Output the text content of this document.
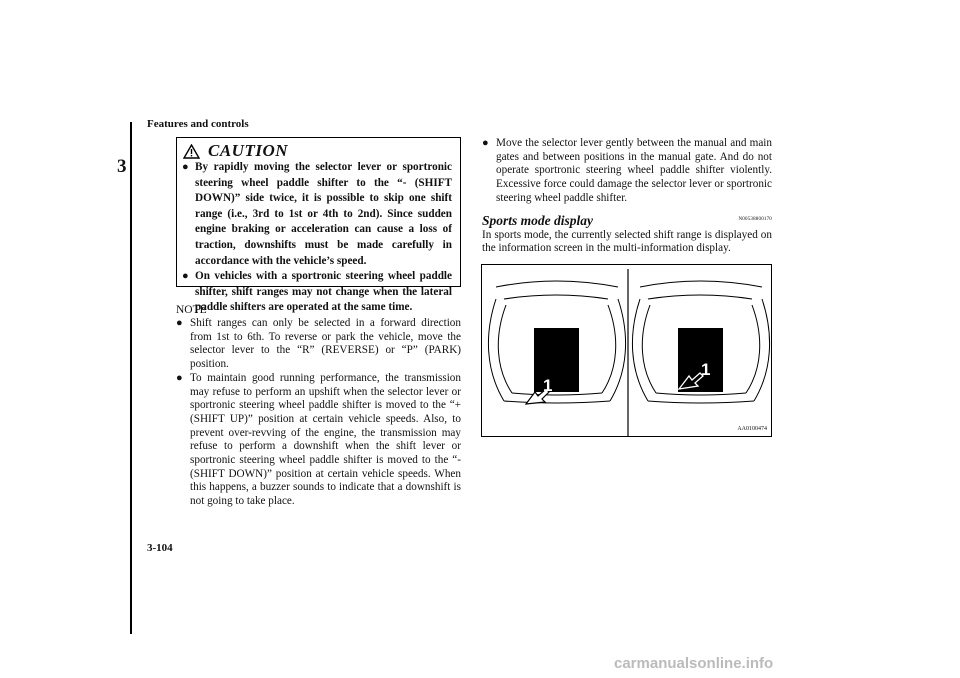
Features and controls
3
CAUTION
● By rapidly moving the selector lever or sportronic steering wheel paddle shifter to the “- (SHIFT DOWN)” side twice, it is possible to skip one shift range (i.e., 3rd to 1st or 4th to 2nd). Since sudden engine braking or acceleration can cause a loss of traction, downshifts must be made carefully in accordance with the vehicle’s speed.
● On vehicles with a sportronic steering wheel paddle shifter, shift ranges may not change when the lateral paddle shifters are operated at the same time.
NOTE
● Shift ranges can only be selected in a forward direction from 1st to 6th. To reverse or park the vehicle, move the selector lever to the “R” (REVERSE) or “P” (PARK) position.
● To maintain good running performance, the transmission may refuse to perform an upshift when the selector lever or sportronic steering wheel paddle shifter is moved to the “+ (SHIFT UP)” position at certain vehicle speeds. Also, to prevent over-revving of the engine, the transmission may refuse to perform a downshift when the shift lever or sportronic steering wheel paddle shifter is moved to the “- (SHIFT DOWN)” position at certain vehicle speeds. When this happens, a buzzer sounds to indicate that a downshift is not going to take place.
● Move the selector lever gently between the manual and main gates and between positions in the manual gate. And do not operate sportronic steering wheel paddle shifter violently. Excessive force could damage the selector lever or sportronic steering wheel paddle shifter.
Sports mode display	N00538800170
In sports mode, the currently selected shift range is displayed on the information screen in the multi-information display.
1
1
AA0100474
3-104
carmanualsonline.info
